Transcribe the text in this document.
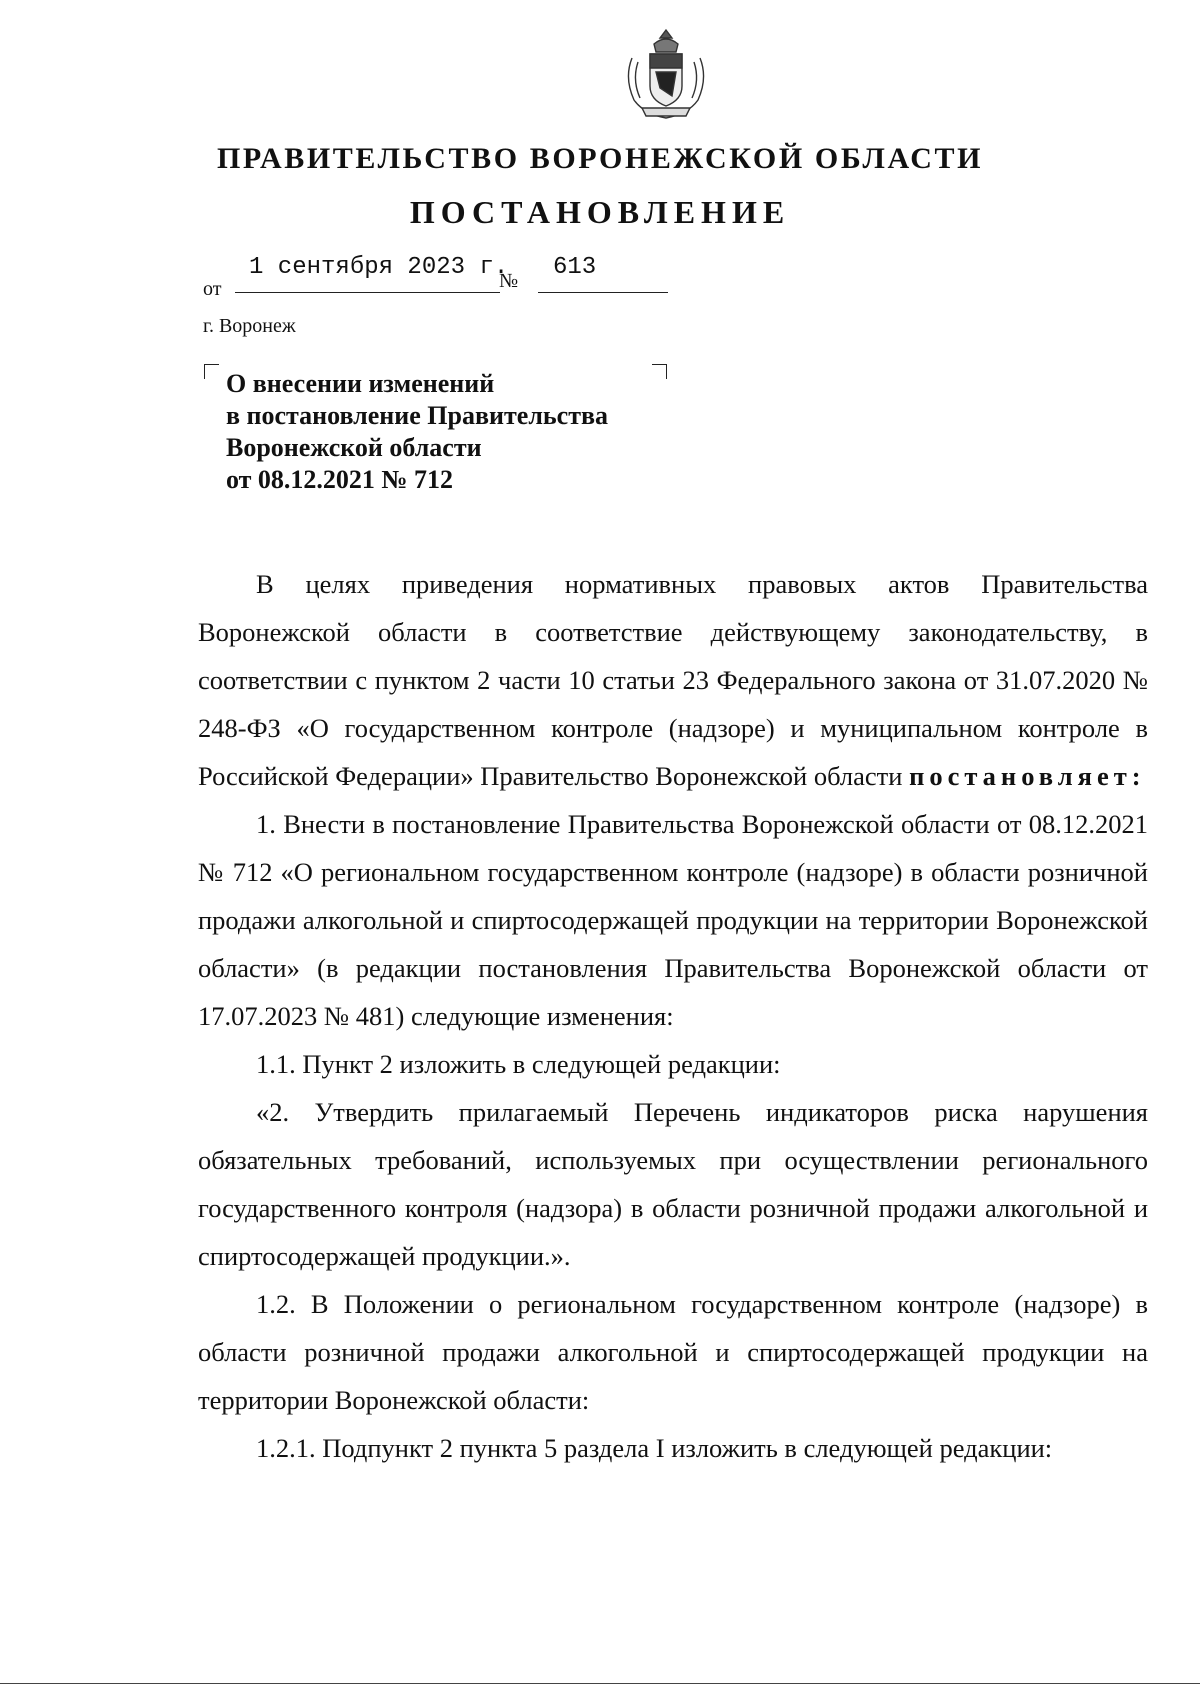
ПРАВИТЕЛЬСТВО ВОРОНЕЖСКОЙ ОБЛАСТИ
ПОСТАНОВЛЕНИЕ
от
1 сентября 2023 г.
№ 613
г. Воронеж
О внесении изменений
в постановление Правительства
Воронежской области
от 08.12.2021 № 712
В целях приведения нормативных правовых актов Правительства Воронежской области в соответствие действующему законодательству, в соответствии с пунктом 2 части 10 статьи 23 Федерального закона от 31.07.2020 № 248-ФЗ «О государственном контроле (надзоре) и муниципальном контроле в Российской Федерации» Правительство Воронежской области постановляет:
1. Внести в постановление Правительства Воронежской области от 08.12.2021 № 712 «О региональном государственном контроле (надзоре) в области розничной продажи алкогольной и спиртосодержащей продукции на территории Воронежской области» (в редакции постановления Правительства Воронежской области от 17.07.2023 № 481) следующие изменения:
1.1. Пункт 2 изложить в следующей редакции:
«2. Утвердить прилагаемый Перечень индикаторов риска нарушения обязательных требований, используемых при осуществлении регионального государственного контроля (надзора) в области розничной продажи алкогольной и спиртосодержащей продукции.».
1.2. В Положении о региональном государственном контроле (надзоре) в области розничной продажи алкогольной и спиртосодержащей продукции на территории Воронежской области:
1.2.1. Подпункт 2 пункта 5 раздела I изложить в следующей редакции:
